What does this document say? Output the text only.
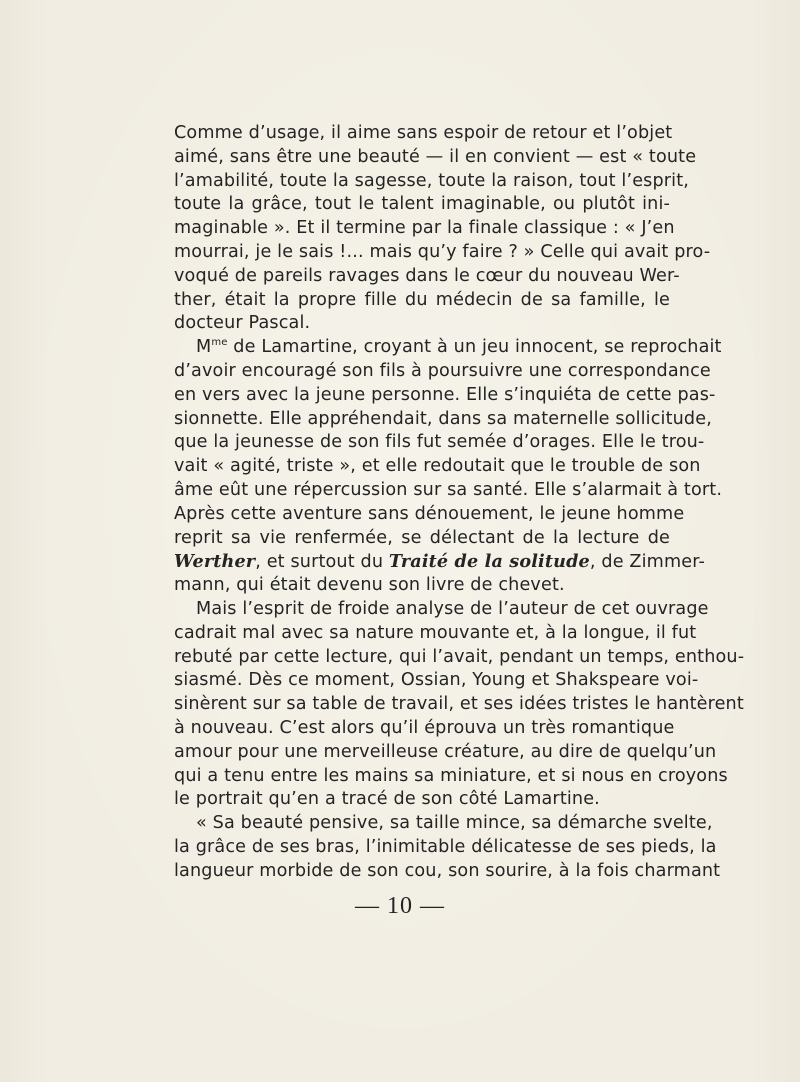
Comme d’usage, il aime sans espoir de retour et l’objet
aimé, sans être une beauté — il en convient — est « toute
l’amabilité, toute la sagesse, toute la raison, tout l’esprit,
toute la grâce, tout le talent imaginable, ou plutôt ini-
maginable ». Et il termine par la finale classique : « J’en
mourrai, je le sais !... mais qu’y faire ? » Celle qui avait pro-
voqué de pareils ravages dans le cœur du nouveau Wer-
ther, était la propre fille du médecin de sa famille, le
docteur Pascal.
$M^{me}$ de Lamartine, croyant à un jeu innocent, se reprochait
d’avoir encouragé son fils à poursuivre une correspondance
en vers avec la jeune personne. Elle s’inquiéta de cette pas-
sionnette. Elle appréhendait, dans sa maternelle sollicitude,
que la jeunesse de son fils fut semée d’orages. Elle le trou-
vait « agité, triste », et elle redoutait que le trouble de son
âme eût une répercussion sur sa santé. Elle s’alarmait à tort.
Après cette aventure sans dénouement, le jeune homme
reprit sa vie renfermée, se délectant de la lecture de
Werther, et surtout du Traité de la solitude, de Zimmer-
mann, qui était devenu son livre de chevet.
Mais l’esprit de froide analyse de l’auteur de cet ouvrage
cadrait mal avec sa nature mouvante et, à la longue, il fut
rebuté par cette lecture, qui l’avait, pendant un temps, enthou-
siasmé. Dès ce moment, Ossian, Young et Shakspeare voi-
sinèrent sur sa table de travail, et ses idées tristes le hantèrent
à nouveau. C’est alors qu’il éprouva un très romantique
amour pour une merveilleuse créature, au dire de quelqu’un
qui a tenu entre les mains sa miniature, et si nous en croyons
le portrait qu’en a tracé de son côté Lamartine.
« Sa beauté pensive, sa taille mince, sa démarche svelte,
la grâce de ses bras, l’inimitable délicatesse de ses pieds, la
langueur morbide de son cou, son sourire, à la fois charmant
— 10 —
